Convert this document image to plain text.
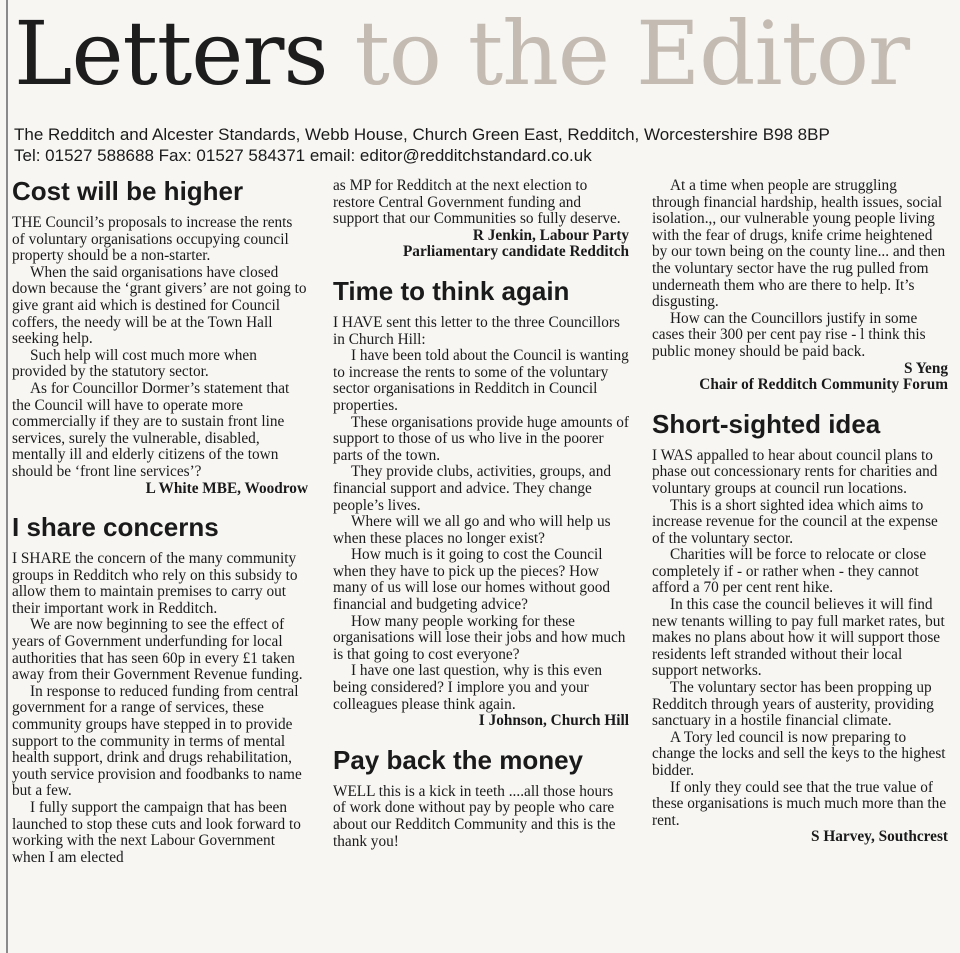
Letters to the Editor
The Redditch and Alcester Standards, Webb House, Church Green East, Redditch, Worcestershire B98 8BP
Tel: 01527 588688 Fax: 01527 584371 email: editor@redditchstandard.co.uk
Cost will be higher

THE Council’s proposals to increase the rents of voluntary organisations occupying council property should be a non-starter.

When the said organisations have closed down because the ‘grant givers’ are not going to give grant aid which is destined for Council coffers, the needy will be at the Town Hall seeking help.

Such help will cost much more when provided by the statutory sector.

As for Councillor Dormer’s statement that the Council will have to operate more commercially if they are to sustain front line services, surely the vulnerable, disabled, mentally ill and elderly citizens of the town should be ‘front line services’?

L White MBE, Woodrow

I share concerns

I SHARE the concern of the many community groups in Redditch who rely on this subsidy to allow them to maintain premises to carry out their important work in Redditch.

We are now beginning to see the effect of years of Government underfunding for local authorities that has seen 60p in every £1 taken away from their Government Revenue funding.

In response to reduced funding from central government for a range of services, these community groups have stepped in to provide support to the community in terms of mental health support, drink and drugs rehabilitation, youth service provision and foodbanks to name but a few.

I fully support the campaign that has been launched to stop these cuts and look forward to working with the next Labour Government when I am elected

as MP for Redditch at the next election to restore Central Government funding and support that our Communities so fully deserve.

R Jenkin, Labour Party
Parliamentary candidate Redditch

Time to think again

I HAVE sent this letter to the three Councillors in Church Hill:

I have been told about the Council is wanting to increase the rents to some of the voluntary sector organisations in Redditch in Council properties.

These organisations provide huge amounts of support to those of us who live in the poorer parts of the town.

They provide clubs, activities, groups, and financial support and advice. They change people’s lives.

Where will we all go and who will help us when these places no longer exist?

How much is it going to cost the Council when they have to pick up the pieces? How many of us will lose our homes without good financial and budgeting advice?

How many people working for these organisations will lose their jobs and how much is that going to cost everyone?

I have one last question, why is this even being considered? I implore you and your colleagues please think again.

I Johnson, Church Hill

Pay back the money

WELL this is a kick in teeth ....all those hours of work done without pay by people who care about our Redditch Community and this is the thank you!

At a time when people are struggling through financial hardship, health issues, social isolation.,, our vulnerable young people living with the fear of drugs, knife crime heightened by our town being on the county line... and then the voluntary sector have the rug pulled from underneath them who are there to help. It’s disgusting.

How can the Councillors justify in some cases their 300 per cent pay rise - l think this public money should be paid back.

S Yeng
Chair of Redditch Community Forum

Short-sighted idea

I WAS appalled to hear about council plans to phase out concessionary rents for charities and voluntary groups at council run locations.

This is a short sighted idea which aims to increase revenue for the council at the expense of the voluntary sector.

Charities will be force to relocate or close completely if - or rather when - they cannot afford a 70 per cent rent hike.

In this case the council believes it will find new tenants willing to pay full market rates, but makes no plans about how it will support those residents left stranded without their local support networks.

The voluntary sector has been propping up Redditch through years of austerity, providing sanctuary in a hostile financial climate.

A Tory led council is now preparing to change the locks and sell the keys to the highest bidder.

If only they could see that the true value of these organisations is much much more than the rent.

S Harvey, Southcrest
